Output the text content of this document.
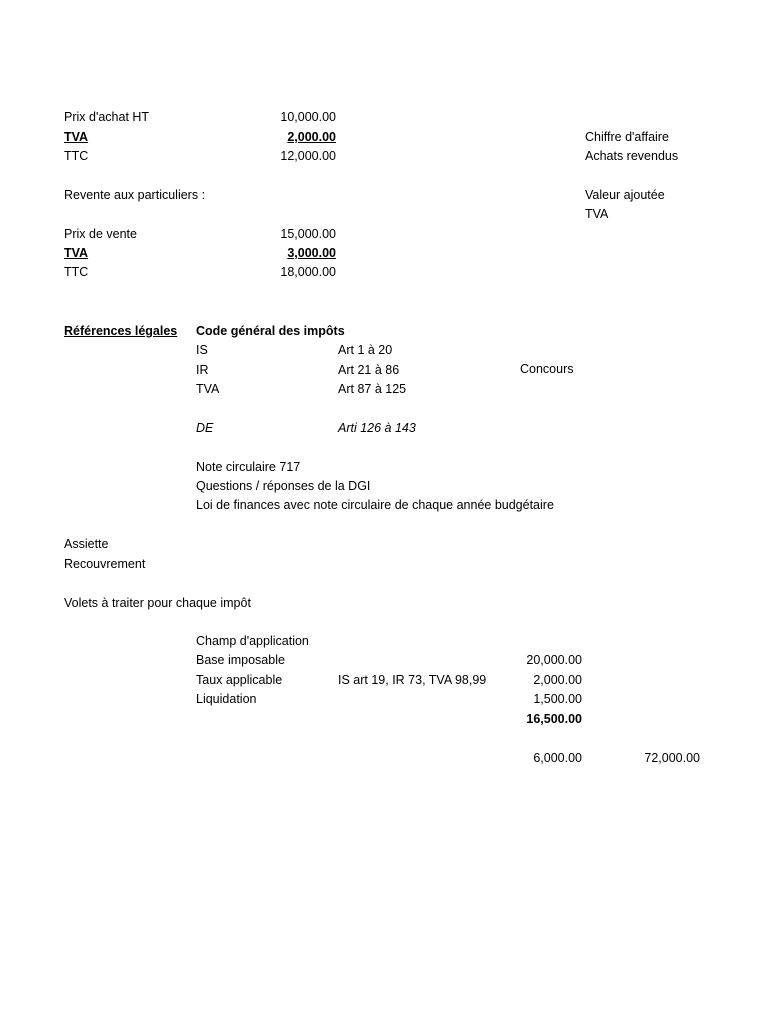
Prix d'achat HT	10,000.00
TVA	2,000.00
TTC	12,000.00
Chiffre d'affaire
Achats revendus
Valeur ajoutée
TVA
Revente aux particuliers :
Prix de vente	15,000.00
TVA	3,000.00
TTC	18,000.00
Références légales Code général des impôts
IS	Art 1 à 20
IR	Art 21 à 86	Concours
TVA	Art 87 à 125
DE	Arti 126 à 143
Note circulaire 717
Questions / réponses de la DGI
Loi de finances avec note circulaire de chaque année budgétaire
Assiette
Recouvrement
Volets à traiter pour chaque impôt
Champ d'application
Base imposable	20,000.00
Taux applicable	IS art 19, IR 73, TVA 98,99	2,000.00
Liquidation	1,500.00
16,500.00
6,000.00	72,000.00
